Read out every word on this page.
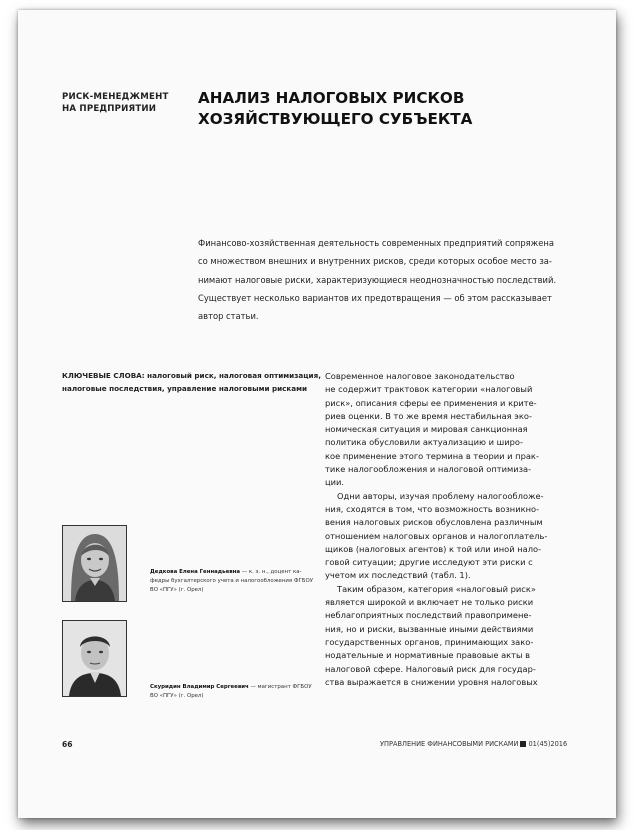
РИСК-МЕНЕДЖМЕНТ
НА ПРЕДПРИЯТИИ
АНАЛИЗ НАЛОГОВЫХ РИСКОВ
ХОЗЯЙСТВУЮЩЕГО СУБЪЕКТА
Финансово-хозяйственная деятельность современных предприятий сопряжена
со множеством внешних и внутренних рисков, среди которых особое место за-
нимают налоговые риски, характеризующиеся неоднозначностью последствий.
Существует несколько вариантов их предотвращения — об этом рассказывает
автор статьи.
КЛЮЧЕВЫЕ СЛОВА: налоговый риск, налоговая оптимизация,
налоговые последствия, управление налоговыми рисками
Современное налоговое законодательство
не содержит трактовок категории «налоговый
риск», описания сферы ее применения и крите-
риев оценки. В то же время нестабильная эко-
номическая ситуация и мировая санкционная
политика обусловили актуализацию и широ-
кое применение этого термина в теории и прак-
тике налогообложения и налоговой оптимиза-
ции.
Одни авторы, изучая проблему налогообложе-
ния, сходятся в том, что возможность возникно-
вения налоговых рисков обусловлена различным
отношением налоговых органов и налогоплатель-
щиков (налоговых агентов) к той или иной нало-
говой ситуации; другие исследуют эти риски с
учетом их последствий (табл. 1).
Таким образом, категория «налоговый риск»
является широкой и включает не только риски
неблагоприятных последствий правопримене-
ния, но и риски, вызванные иными действиями
государственных органов, принимающих зако-
нодательные и нормативные правовые акты в
налоговой сфере. Налоговый риск для государ-
ства выражается в снижении уровня налоговых
Дедкова Елена Геннадьевна — к. э. н., доцент ка-
федры бухгалтерского учета и налогообложения ФГБОУ
ВО «ПГУ» (г. Орел)
Скуридин Владимир Сергеевич — магистрант ФГБОУ
ВО «ПГУ» (г. Орел)
66	УПРАВЛЕНИЕ ФИНАНСОВЫМИ РИСКАМИ 01(45)2016
